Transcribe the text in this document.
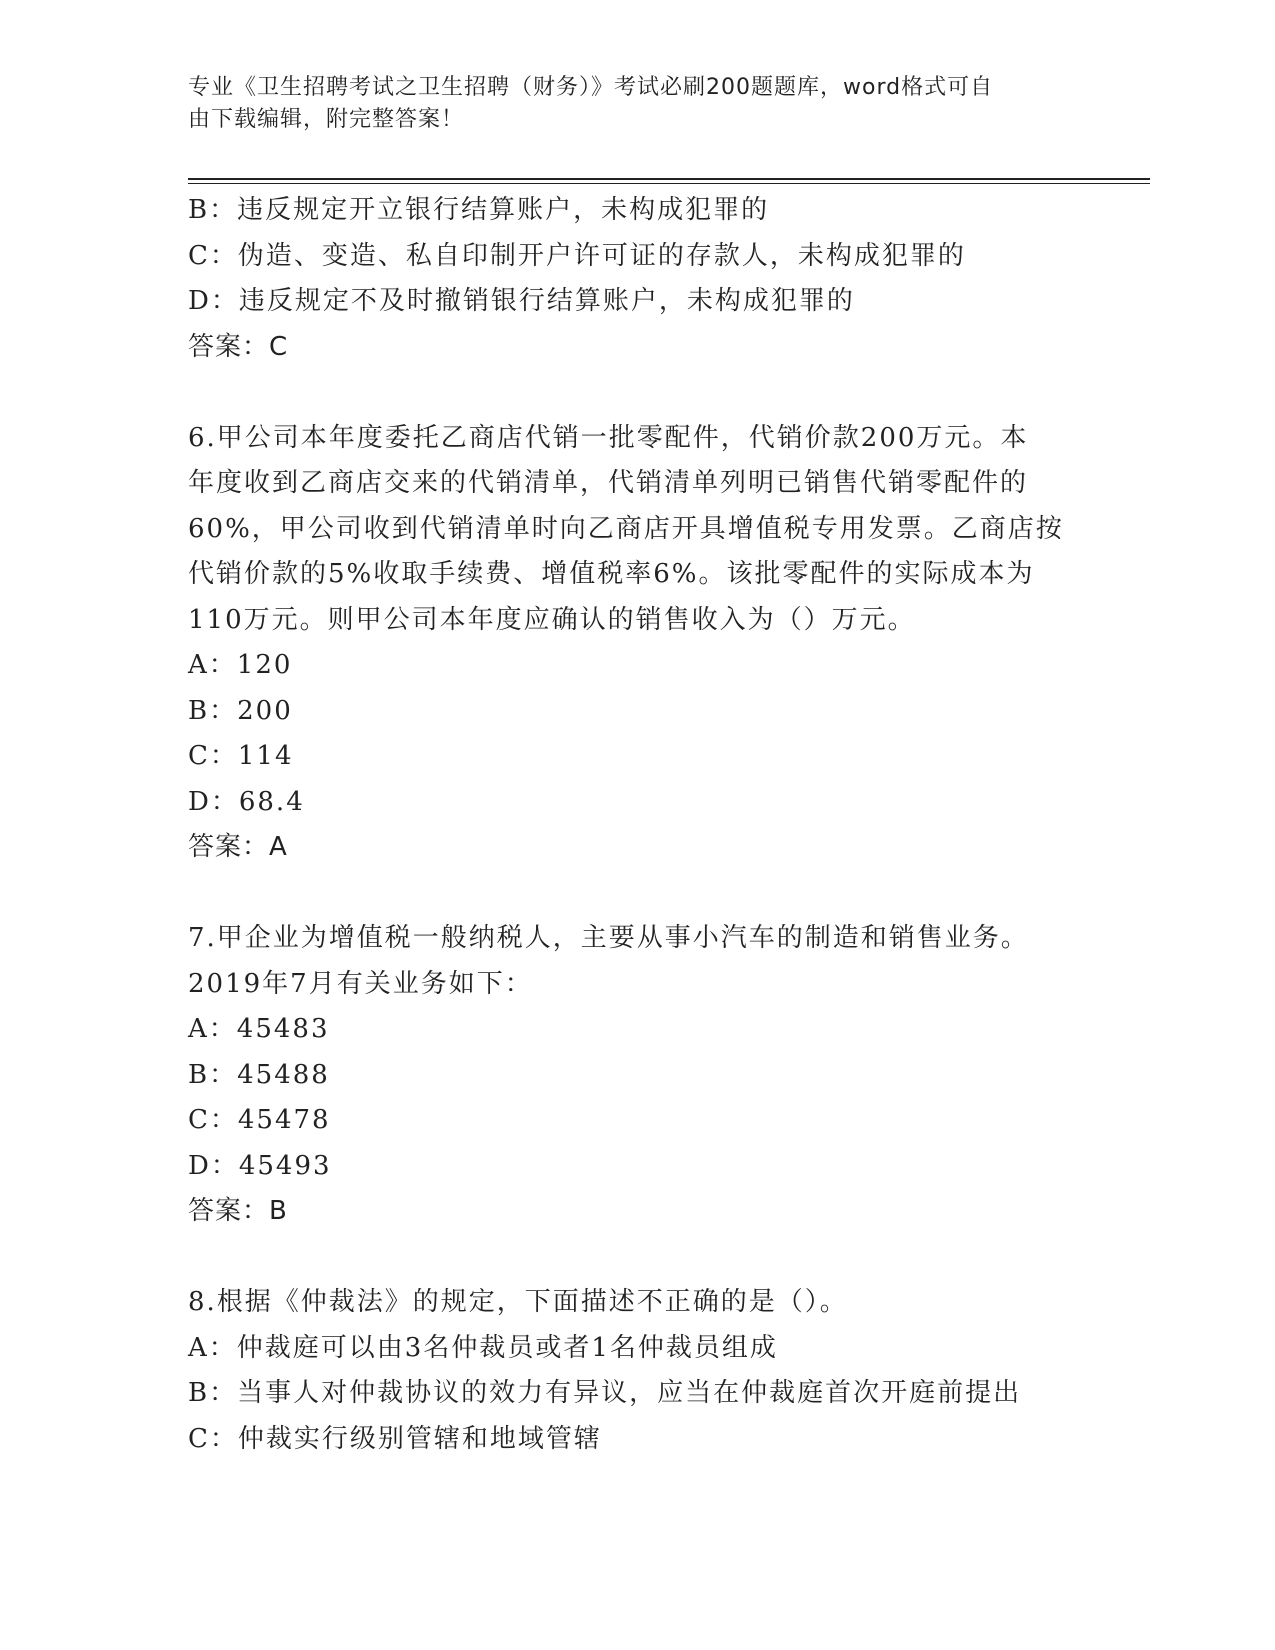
专业《卫生招聘考试之卫生招聘（财务）》考试必刷200题题库，word格式可自
由下载编辑，附完整答案！
B：违反规定开立银行结算账户，未构成犯罪的
C：伪造、变造、私自印制开户许可证的存款人，未构成犯罪的
D：违反规定不及时撤销银行结算账户，未构成犯罪的
答案：C
6.甲公司本年度委托乙商店代销一批零配件，代销价款200万元。本
年度收到乙商店交来的代销清单，代销清单列明已销售代销零配件的
60%，甲公司收到代销清单时向乙商店开具增值税专用发票。乙商店按
代销价款的5%收取手续费、增值税率6%。该批零配件的实际成本为
110万元。则甲公司本年度应确认的销售收入为（）万元。
A：120
B：200
C：114
D：68.4
答案：A
7.甲企业为增值税一般纳税人，主要从事小汽车的制造和销售业务。
2019年7月有关业务如下：
A：45483
B：45488
C：45478
D：45493
答案：B
8.根据《仲裁法》的规定，下面描述不正确的是（）。
A：仲裁庭可以由3名仲裁员或者1名仲裁员组成
B：当事人对仲裁协议的效力有异议，应当在仲裁庭首次开庭前提出
C：仲裁实行级别管辖和地域管辖
